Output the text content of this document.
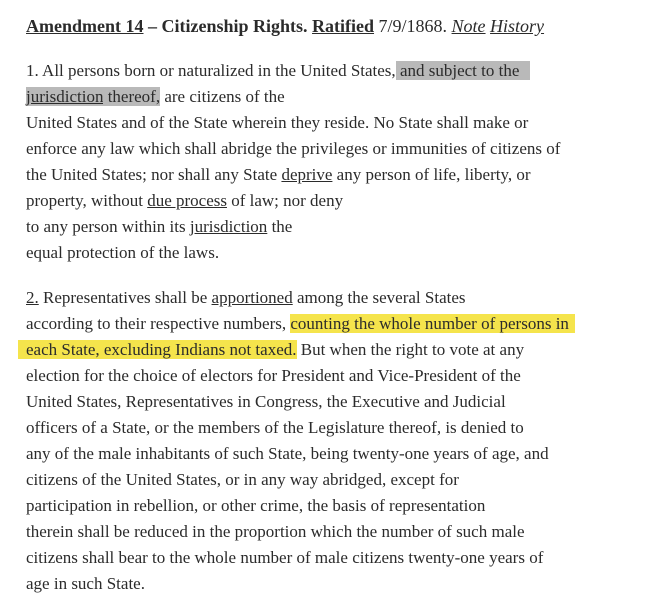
Amendment 14 – Citizenship Rights. Ratified 7/9/1868. Note History
1. All persons born or naturalized in the United States, and subject to the
jurisdiction thereof, are citizens of the
United States and of the State wherein they reside. No State shall make or
enforce any law which shall abridge the privileges or immunities of citizens of
the United States; nor shall any State deprive any person of life, liberty, or
property, without due process of law; nor deny
to any person within its jurisdiction the
equal protection of the laws.
2. Representatives shall be apportioned among the several States
according to their respective numbers, counting the whole number of persons in
each State, excluding Indians not taxed. But when the right to vote at any
election for the choice of electors for President and Vice-President of the
United States, Representatives in Congress, the Executive and Judicial
officers of a State, or the members of the Legislature thereof, is denied to
any of the male inhabitants of such State, being twenty-one years of age, and
citizens of the United States, or in any way abridged, except for
participation in rebellion, or other crime, the basis of representation
therein shall be reduced in the proportion which the number of such male
citizens shall bear to the whole number of male citizens twenty-one years of
age in such State.
